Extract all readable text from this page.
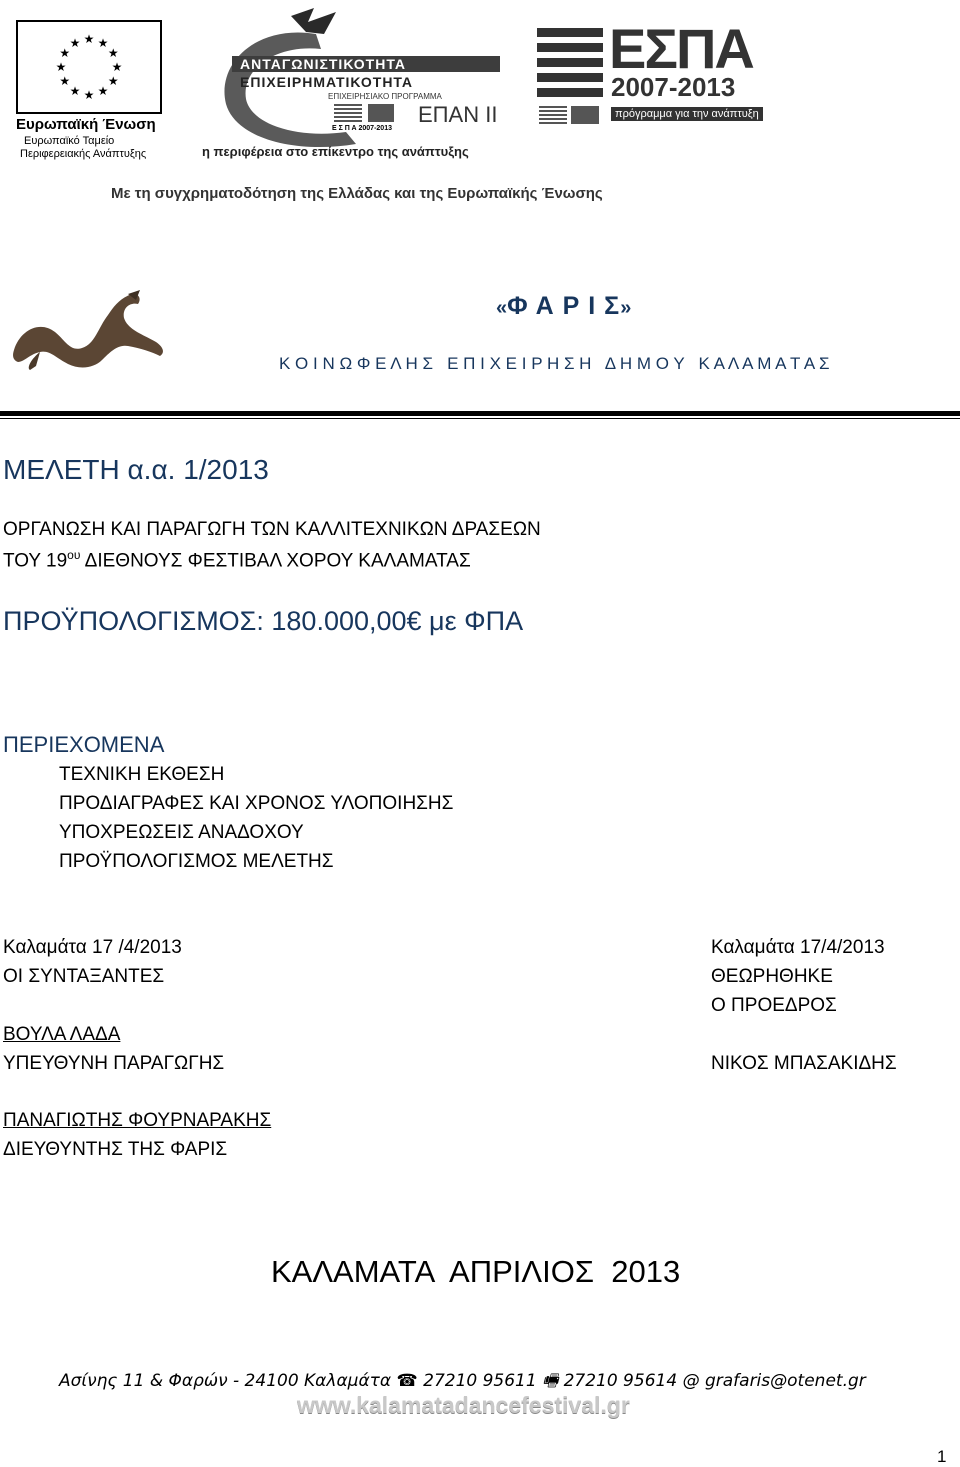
★ ★
★
★
★
★
★
★
★
★
★
★
Ευρωπαϊκή Ένωση
Ευρωπαϊκό Ταμείο
Περιφερειακής Ανάπτυξης
ΑΝΤΑΓΩΝΙΣΤΙΚΟΤΗΤΑ
ΕΠΙΧΕΙΡΗΜΑΤΙΚΟΤΗΤΑ
ΕΠΙΧΕΙΡΗΣΙΑΚΟ ΠΡΟΓΡΑΜΜΑ
Ε Σ Π Α 2007-2013
ΕΠΑΝ ΙΙ
η περιφέρεια στο επίκεντρο της ανάπτυξης
ΕΣΠΑ
2007-2013
πρόγραμμα για την ανάπτυξη
Με τη συγχρηματοδότηση της Ελλάδας και της Ευρωπαϊκής Ένωσης
«Φ Α Ρ Ι Σ»
Κ Ο Ι Ν Ω Φ Ε Λ Η Σ   Ε Π Ι Χ Ε Ι Ρ Η Σ Η   Δ Η Μ Ο Υ   Κ Α Λ Α Μ Α Τ Α Σ
ΜΕΛΕΤΗ α.α. 1/2013
ΟΡΓΑΝΩΣΗ ΚΑΙ ΠΑΡΑΓΩΓΗ ΤΩΝ ΚΑΛΛΙΤΕΧΝΙΚΩΝ ΔΡΑΣΕΩΝ
ΤΟΥ $19^{o\upsilon}$ ΔΙΕΘΝΟΥΣ ΦΕΣΤΙΒΑΛ ΧΟΡΟΥ ΚΑΛΑΜΑΤΑΣ
ΠΡΟΫΠΟΛΟΓΙΣΜΟΣ: 180.000,00€ με ΦΠΑ
ΠΕΡΙΕΧΟΜΕΝΑ
ΤΕΧΝΙΚΗ ΕΚΘΕΣΗ
ΠΡΟΔΙΑΓΡΑΦΕΣ ΚΑΙ ΧΡΟΝΟΣ ΥΛΟΠΟΙΗΣΗΣ
ΥΠΟΧΡΕΩΣΕΙΣ ΑΝΑΔΟΧΟΥ
ΠΡΟΫΠΟΛΟΓΙΣΜΟΣ ΜΕΛΕΤΗΣ
Καλαμάτα 17 /4/2013
ΟΙ ΣΥΝΤΑΞΑΝΤΕΣ
ΒΟΥΛΑ ΛΑΔΑ
ΥΠΕΥΘΥΝΗ ΠΑΡΑΓΩΓΗΣ
ΠΑΝΑΓΙΩΤΗΣ ΦΟΥΡΝΑΡΑΚΗΣ
ΔΙΕΥΘΥΝΤΗΣ ΤΗΣ ΦΑΡΙΣ
Καλαμάτα 17/4/2013
ΘΕΩΡΗΘΗΚΕ
Ο ΠΡΟΕΔΡΟΣ
ΝΙΚΟΣ ΜΠΑΣΑΚΙΔΗΣ
ΚΑΛΑΜΑΤΑ  ΑΠΡΙΛΙΟΣ  2013
Ασίνης 11 & Φαρών - 24100 Καλαμάτα ☎ 27210 95611 🖷 27210 95614 @ grafaris@otenet.gr
www.kalamatadancefestival.gr
1
